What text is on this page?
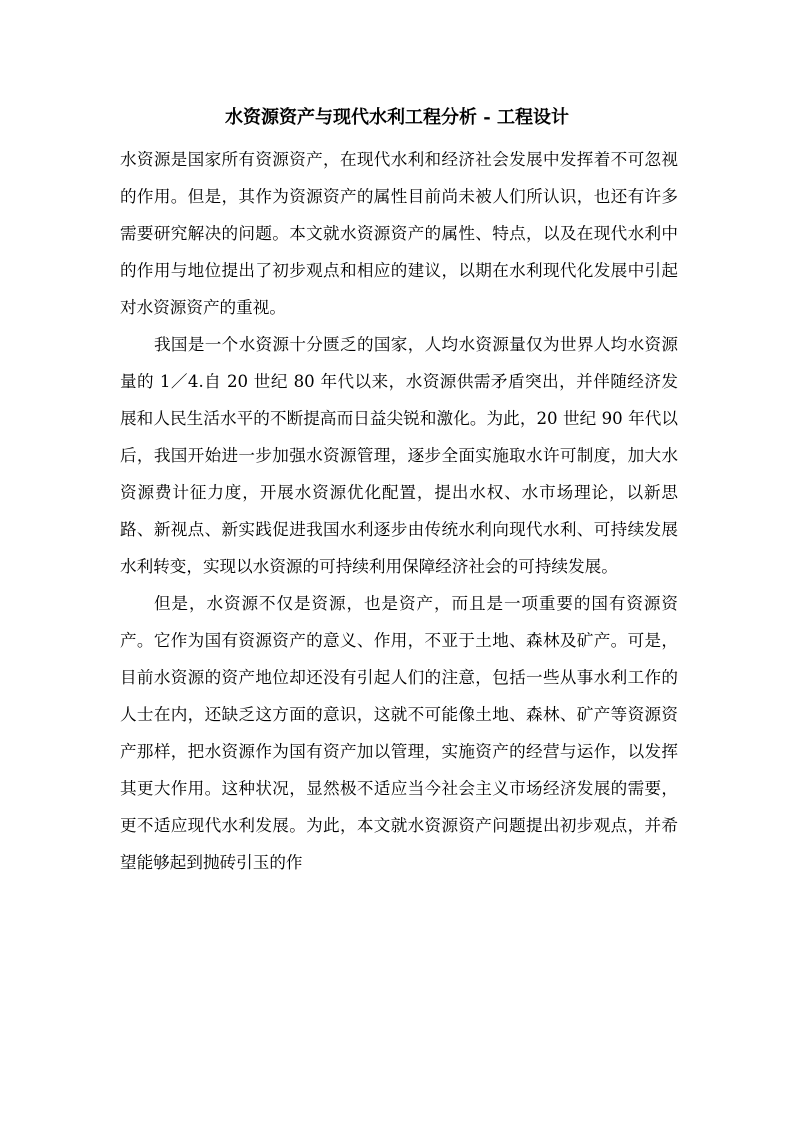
水资源资产与现代水利工程分析 - 工程设计

水资源是国家所有资源资产，在现代水利和经济社会发展中发挥着不可忽视的作用。但是，其作为资源资产的属性目前尚未被人们所认识，也还有许多需要研究解决的问题。本文就水资源资产的属性、特点，以及在现代水利中的作用与地位提出了初步观点和相应的建议，以期在水利现代化发展中引起对水资源资产的重视。

我国是一个水资源十分匮乏的国家，人均水资源量仅为世界人均水资源量的 1／4.自 20 世纪 80 年代以来，水资源供需矛盾突出，并伴随经济发展和人民生活水平的不断提高而日益尖锐和激化。为此，20 世纪 90 年代以后，我国开始进一步加强水资源管理，逐步全面实施取水许可制度，加大水资源费计征力度，开展水资源优化配置，提出水权、水市场理论，以新思路、新视点、新实践促进我国水利逐步由传统水利向现代水利、可持续发展水利转变，实现以水资源的可持续利用保障经济社会的可持续发展。

但是，水资源不仅是资源，也是资产，而且是一项重要的国有资源资产。它作为国有资源资产的意义、作用，不亚于土地、森林及矿产。可是，目前水资源的资产地位却还没有引起人们的注意，包括一些从事水利工作的人士在内，还缺乏这方面的意识，这就不可能像土地、森林、矿产等资源资产那样，把水资源作为国有资产加以管理，实施资产的经营与运作，以发挥其更大作用。这种状况，显然极不适应当今社会主义市场经济发展的需要，更不适应现代水利发展。为此，本文就水资源资产问题提出初步观点，并希望能够起到抛砖引玉的作
